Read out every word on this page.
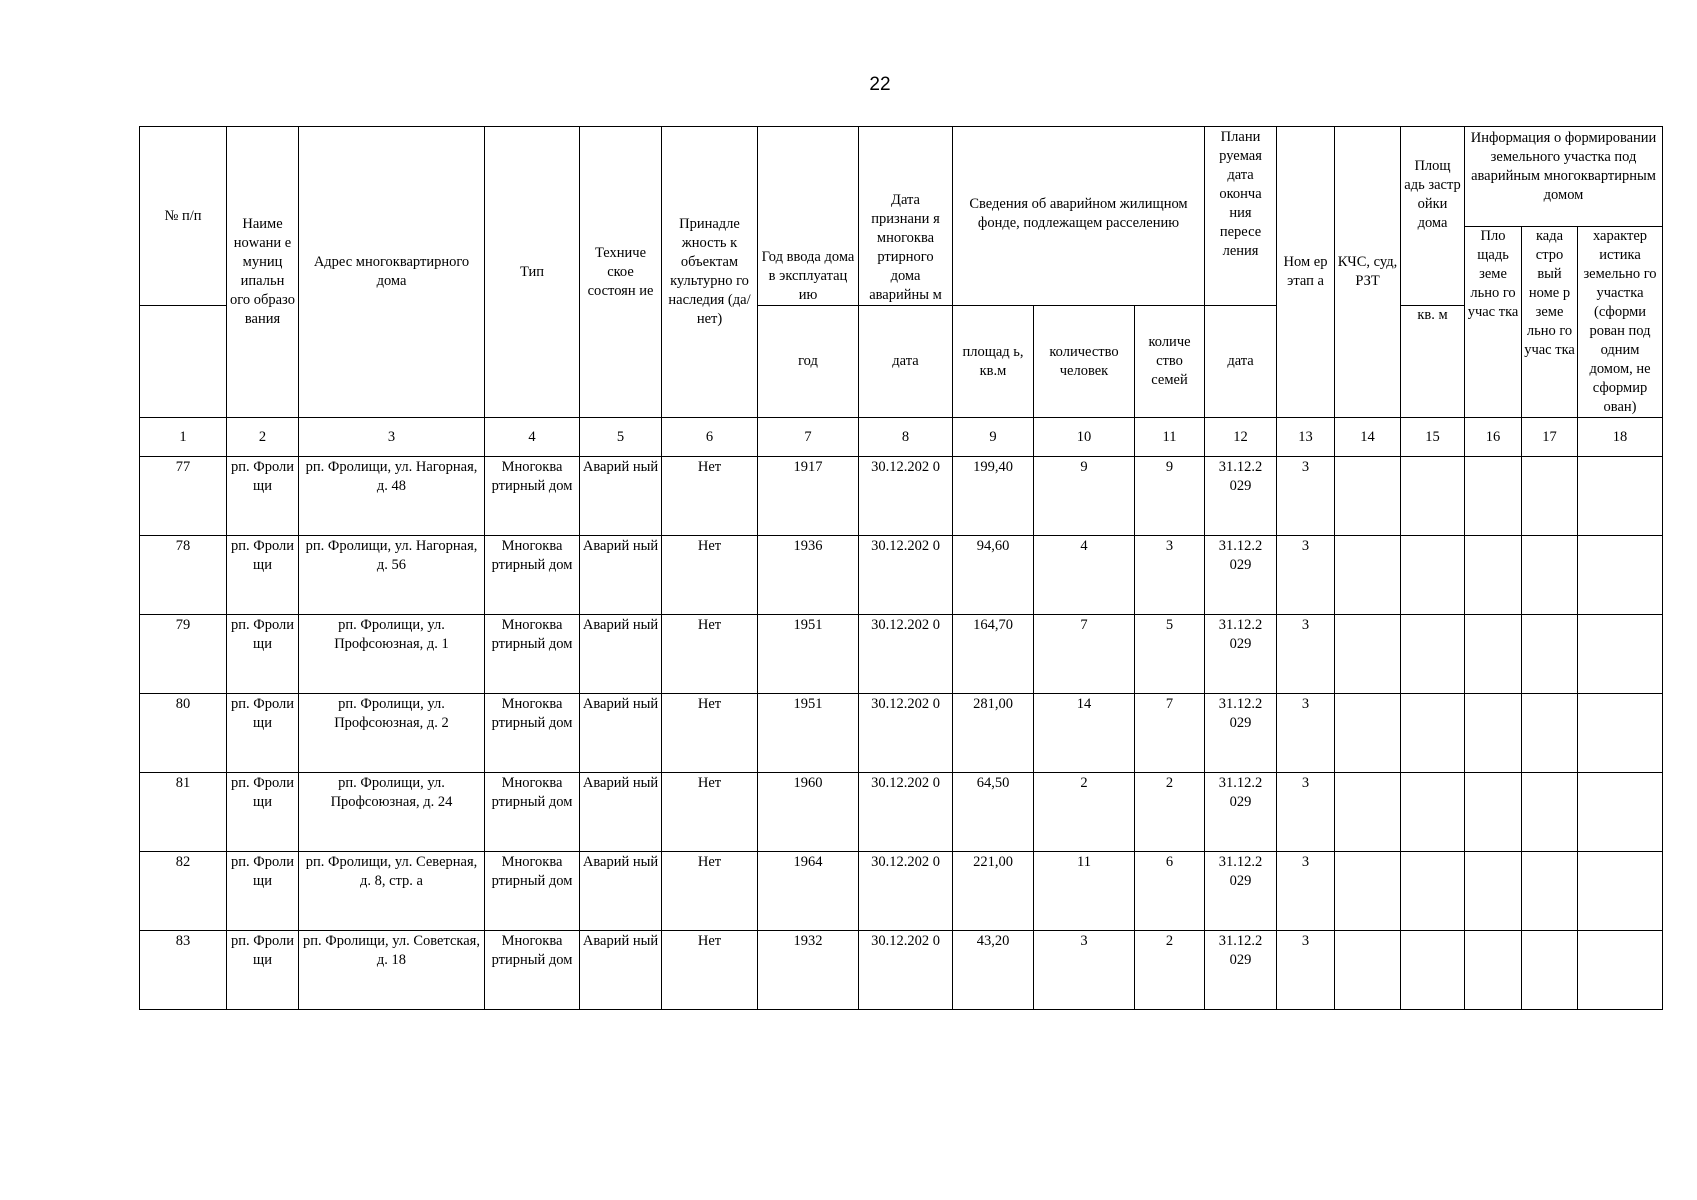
22
№ п/п	Наиме нowани е муниц ипальн ого образо вания	Адрес многоквартирного дома	Тип	Техниче ское состоян ие	Принадле жность к объектам культурно го наследия (да/нет)	Год ввода дома в эксплуатац ию	Дата признани я многоква ртирного дома аварийны м	Сведения об аварийном жилищном фонде, подлежащем расселению			Плани руемая дата оконча ния пересе ления	Ном ер этап а	КЧС, суд, РЗТ	Площ адь застр ойки дома	Информация о формировании земельного участка под аварийным многоквартирным домом		
															Пло щадь земе льно го учас тка	када стро вый номе р земе льно го учас тка	характер истика земельно го участка (сформи рован под одним домом, не сформир ован)
						год	дата	площад ь, кв.м	количество человек	количе ство семей	дата			кв. м			
1	2	3	4	5	6	7	8	9	10	11	12	13	14	15	16	17	18
77	рп. Фроли щи	рп. Фролищи, ул. Нагорная, д. 48	Многоква ртирный дом	Аварий ный	Нет	1917	30.12.202 0	199,40	9	9	31.12.2 029	3					
78	рп. Фроли щи	рп. Фролищи, ул. Нагорная, д. 56	Многоква ртирный дом	Аварий ный	Нет	1936	30.12.202 0	94,60	4	3	31.12.2 029	3					
79	рп. Фроли щи	рп. Фролищи, ул. Профсоюзная, д. 1	Многоква ртирный дом	Аварий ный	Нет	1951	30.12.202 0	164,70	7	5	31.12.2 029	3					
80	рп. Фроли щи	рп. Фролищи, ул. Профсоюзная, д. 2	Многоква ртирный дом	Аварий ный	Нет	1951	30.12.202 0	281,00	14	7	31.12.2 029	3					
81	рп. Фроли щи	рп. Фролищи, ул. Профсоюзная, д. 24	Многоква ртирный дом	Аварий ный	Нет	1960	30.12.202 0	64,50	2	2	31.12.2 029	3					
82	рп. Фроли щи	рп. Фролищи, ул. Северная, д. 8, стр. а	Многоква ртирный дом	Аварий ный	Нет	1964	30.12.202 0	221,00	11	6	31.12.2 029	3					
83	рп. Фроли щи	рп. Фролищи, ул. Советская, д. 18	Многоква ртирный дом	Аварий ный	Нет	1932	30.12.202 0	43,20	3	2	31.12.2 029	3					
